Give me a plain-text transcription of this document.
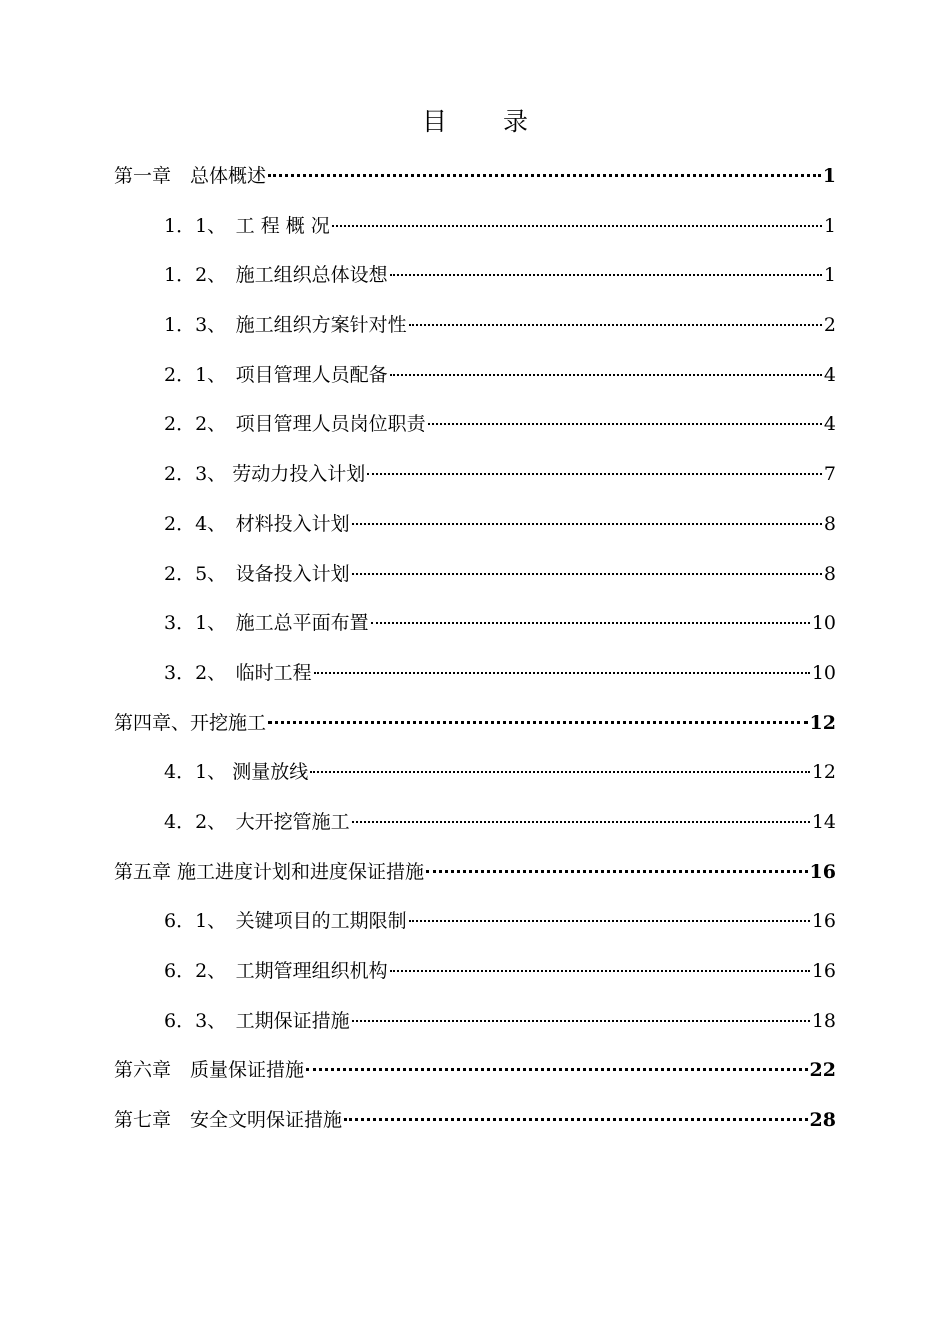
目 录
第一章　总体概述	1
1．1、　工 程 概 况	1
1．2、　施工组织总体设想	1
1．3、　施工组织方案针对性	2
2．1、　项目管理人员配备	4
2．2、　项目管理人员岗位职责	4
2．3、 劳动力投入计划	7
2．4、　材料投入计划	8
2．5、　设备投入计划	8
3．1、　施工总平面布置	10
3．2、　临时工程	10
第四章、开挖施工	12
4．1、 测量放线	12
4．2、　大开挖管施工	14
第五章 施工进度计划和进度保证措施	16
6．1、　关键项目的工期限制	16
6．2、　工期管理组织机构	16
6．3、　工期保证措施	18
第六章　质量保证措施	22
第七章　安全文明保证措施	28
